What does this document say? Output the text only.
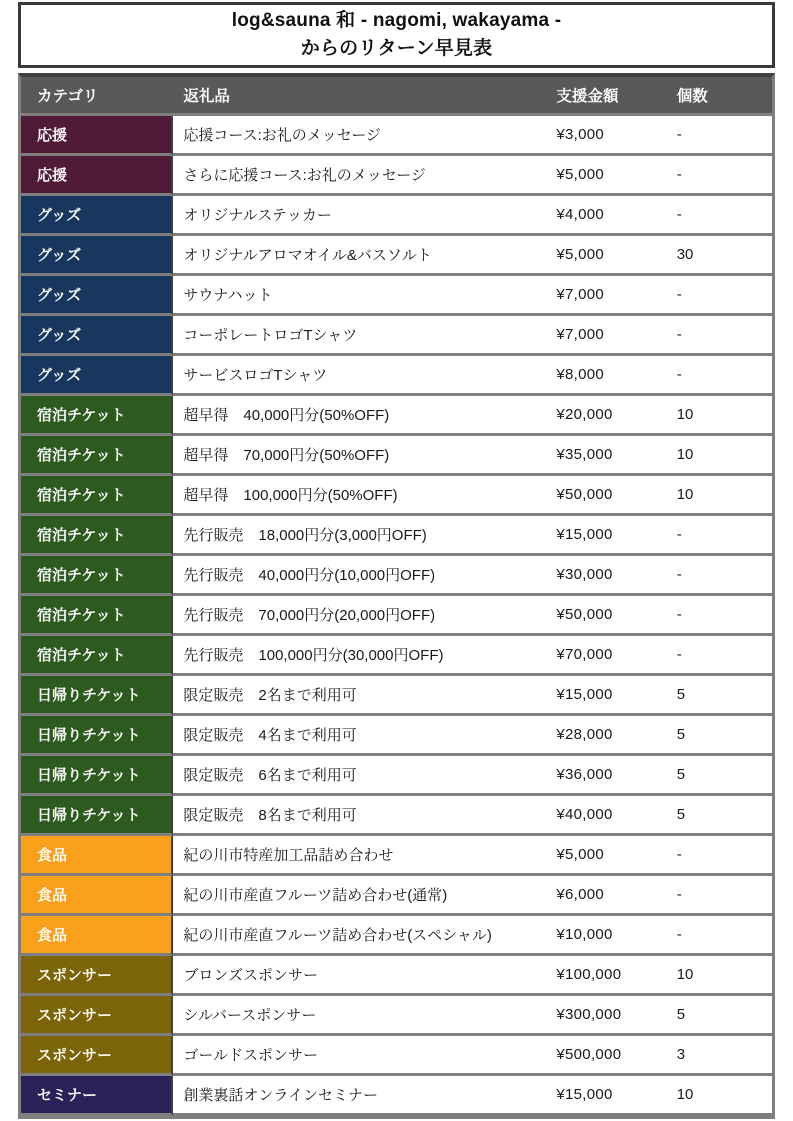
log&sauna 和 - nagomi, wakayama -
からのリターン早見表
カテゴリ	返礼品	支援金額	個数
応援	応援コース:お礼のメッセージ	¥3,000	-
応援	さらに応援コース:お礼のメッセージ	¥5,000	-
グッズ	オリジナルステッカー	¥4,000	-
グッズ	オリジナルアロマオイル&バスソルト	¥5,000	30
グッズ	サウナハット	¥7,000	-
グッズ	コーポレートロゴTシャツ	¥7,000	-
グッズ	サービスロゴTシャツ	¥8,000	-
宿泊チケット	超早得　40,000円分(50%OFF)	¥20,000	10
宿泊チケット	超早得　70,000円分(50%OFF)	¥35,000	10
宿泊チケット	超早得　100,000円分(50%OFF)	¥50,000	10
宿泊チケット	先行販売　18,000円分(3,000円OFF)	¥15,000	-
宿泊チケット	先行販売　40,000円分(10,000円OFF)	¥30,000	-
宿泊チケット	先行販売　70,000円分(20,000円OFF)	¥50,000	-
宿泊チケット	先行販売　100,000円分(30,000円OFF)	¥70,000	-
日帰りチケット	限定販売　2名まで利用可	¥15,000	5
日帰りチケット	限定販売　4名まで利用可	¥28,000	5
日帰りチケット	限定販売　6名まで利用可	¥36,000	5
日帰りチケット	限定販売　8名まで利用可	¥40,000	5
食品	紀の川市特産加工品詰め合わせ	¥5,000	-
食品	紀の川市産直フルーツ詰め合わせ(通常)	¥6,000	-
食品	紀の川市産直フルーツ詰め合わせ(スペシャル)	¥10,000	-
スポンサー	ブロンズスポンサー	¥100,000	10
スポンサー	シルバースポンサー	¥300,000	5
スポンサー	ゴールドスポンサー	¥500,000	3
セミナー	創業裏話オンラインセミナー	¥15,000	10
